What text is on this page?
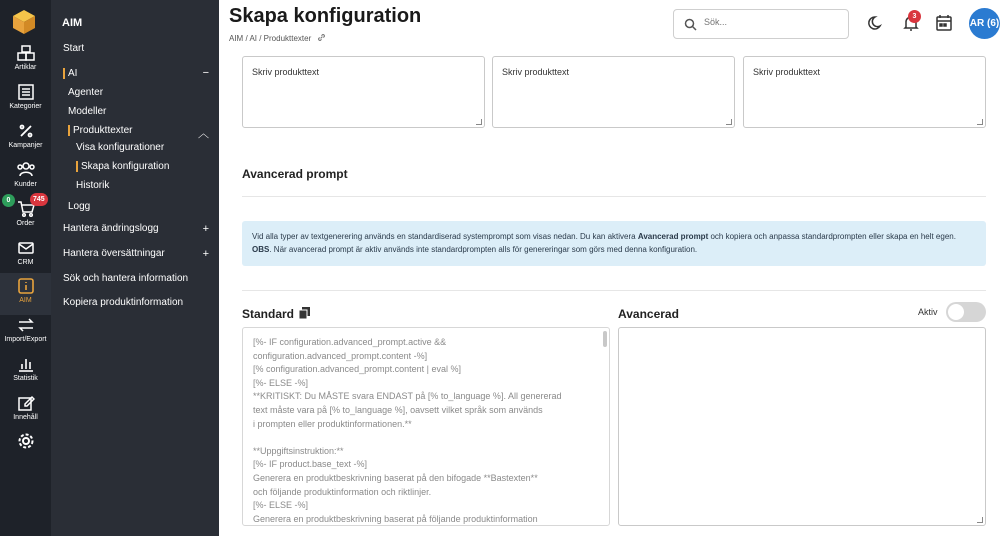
Artiklar
Kategorier
Kampanjer
Kunder
Order
0	745
CRM
AIM
Import/Export
Statistik
Innehåll
AIM
Start
AI	−
Agenter
Modeller
Produkttexter	︿
Visa konfigurationer
Skapa konfiguration
Historik
Logg
Hantera ändringslogg	+
Hantera översättningar	+
Sök och hantera information
Kopiera produktinformation
Skapa konfiguration
AIM / AI / Produkttexter
Sök...
3
AR (6)
Skriv produkttext	Skriv produkttext	Skriv produkttext
Avancerad prompt
Vid alla typer av textgenerering används en standardiserad systemprompt som visas nedan. Du kan aktivera Avancerad prompt och kopiera och anpassa standardprompten eller skapa en helt egen. OBS. När avancerad prompt är aktiv används inte standardprompten alls för genereringar som görs med denna konfiguration.
Standard	Avancerad	Aktiv
[%- IF configuration.advanced_prompt.active &&
configuration.advanced_prompt.content -%]
[% configuration.advanced_prompt.content | eval %]
[%- ELSE -%]
**KRITISKT: Du MÅSTE svara ENDAST på [% to_language %]. All genererad
text måste vara på [% to_language %], oavsett vilket språk som används
i prompten eller produktinformationen.**

**Uppgiftsinstruktion:**
[%- IF product.base_text -%]
Generera en produktbeskrivning baserat på den bifogade **Bastexten**
och följande produktinformation och riktlinjer.
[%- ELSE -%]
Generera en produktbeskrivning baserat på följande produktinformation
